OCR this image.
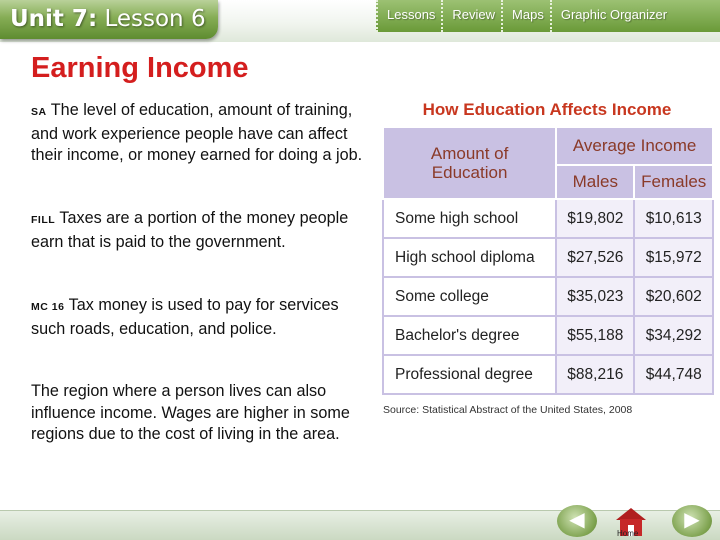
Unit 7: Lesson 6	Lessons	Review	Maps	Graphic Organizer
Earning Income
SA The level of education, amount of training, and work experience people have can affect their income, or money earned for doing a job.
FILL Taxes are a portion of the money people earn that is paid to the government.
MC 16 Tax money is used to pay for services such roads, education, and police.
The region where a person lives can also influence income. Wages are higher in some regions due to the cost of living in the area.
How Education Affects Income
Amount of Education	Average Income	
	Males	Females
Some high school	$19,802	$10,613
High school diploma	$27,526	$15,972
Some college	$35,023	$20,602
Bachelor's degree	$55,188	$34,292
Professional degree	$88,216	$44,748
Source: Statistical Abstract of the United States, 2008
◀
Home
▶
